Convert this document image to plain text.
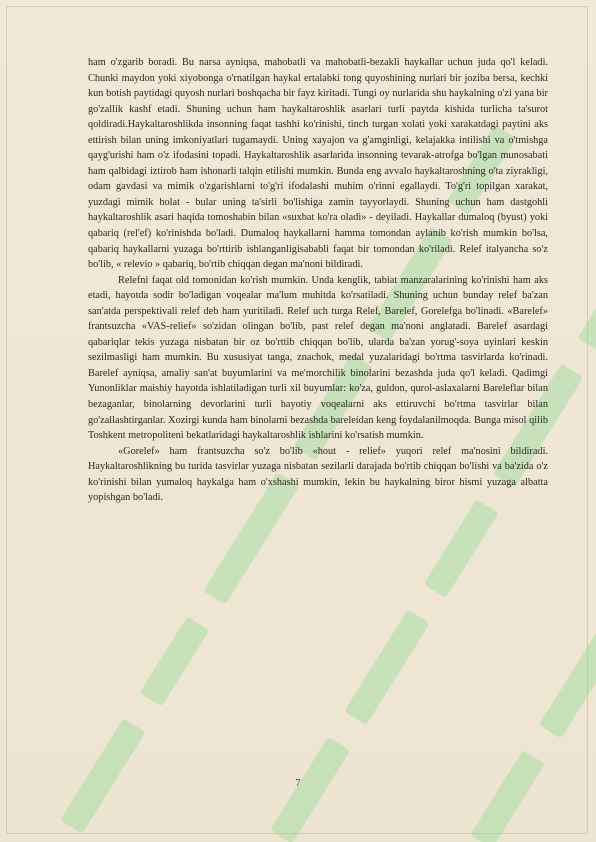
ham o'zgarib boradi. Bu narsa ayniqsa, mahobatli va mahobatli-bezakli haykallar uchun juda qo'l keladi. Chunki maydon yoki xiyobonga o'rnatilgan haykal ertalabki tong quyoshining nurlari bir joziba bersa, kechki kun botish paytidagi quyosh nurlari boshqacha bir fayz kiritadi. Tungi oy nurlarida shu haykalning o'zi yana bir go'zallik kashf etadi. Shuning uchun ham haykaltaroshlik asarlari turli paytda kishida turlicha ta'surot qoldiradi.Haykaltaroshlikda insonning faqat tashhi ko'rinishi, tinch turgan xolati yoki xarakatdagi paytini aks ettirish bilan uning imkoniyatlari tugamaydi. Uning xayajon va g'amginligi, kelajakka intilishi va o'tmishga qayg'urishi ham o'z ifodasini topadi. Haykaltaroshlik asarlarida insonning tevarak-atrofga bo'lgan munosabati ham qalbidagi iztirob ham ishonarli talqin etilishi mumkin. Bunda eng avvalo haykaltaroshning o'ta ziyrakligi, odam gavdasi va mimik o'zgarishlarni to'g'ri ifodalashi muhim o'rinni egallaydi. To'g'ri topilgan xarakat, yuzdagi mimik holat - bular uning ta'sirli bo'lishiga zamin tayyorlaydi. Shuning uchun ham dastgohli haykaltaroshlik asari haqida tomoshabin bilan «suxbat ko'ra oladi» - deyiladi. Haykallar dumaloq (byust) yoki qabariq (rel'ef) ko'rinishda bo'ladi. Dumaloq haykallarni hamma tomondan aylanib ko'rish mumkin bo'lsa, qabariq haykallarni yuzaga bo'rttirib ishlanganligisababli faqat bir tomondan ko'riladi. Relef italyancha so'z bo'lib, « relevio » qabariq, bo'rtib chiqqan degan ma'noni bildiradi.

Relefni faqat old tomonidan ko'rish mumkin. Unda kenglik, tabiat manzaralarining ko'rinishi ham aks etadi, hayotda sodir bo'ladigan voqealar ma'lum muhitda ko'rsatiladi. Shuning uchun bunday relef ba'zan san'atda perspektivali relef deb ham yuritiladi. Relef uch turga Relef, Barelef, Gorelefga bo'linadi. «Barelef» frantsuzcha «VAS-relief» so'zidan olingan bo'lib, past relef degan ma'noni anglatadi. Barelef asardagi qabariqlar tekis yuzaga nisbatan bir oz bo'rttib chiqqan bo'lib, ularda ba'zan yorug'-soya uyinlari keskin sezilmasligi ham mumkin. Bu xususiyat tanga, znachok, medal yuzalaridagi bo'rtma tasvirlarda ko'rinadi. Barelef ayniqsa, amaliy san'at buyumlarini va me'morchilik binolarini bezashda juda qo'l keladi. Qadimgi Yunonliklar maishiy hayotda ishlatiladigan turli xil buyumlar: ko'za, guldon, qurol-aslaxalarni Bareleflar bilan bezaganlar, binolarning devorlarini turli hayotiy voqealarni aks ettiruvchi bo'rtma tasvirlar bilan go'zallashtirganlar. Xozirgi kunda ham binolarni bezashda bareleídan keng foydalanilmoqda. Bunga misol qilib Toshkent metropoliteni bekatlaridagi haykaltaroshlik ishlarini ko'rsatish mumkin.

«Gorelef» ham frantsuzcha so'z bo'lib «hout - relief» yuqori relef ma'nosini bildiradi. Haykaltaroshlikning bu turida tasvirlar yuzaga nisbatan sezilarli darajada bo'rtib chiqqan bo'lishi va ba'zida o'z ko'rinishi bilan yumaloq haykalga ham o'xshashi mumkin, lekin bu haykalning biror hismi yuzaga albatta yopishgan bo'ladi.

7
